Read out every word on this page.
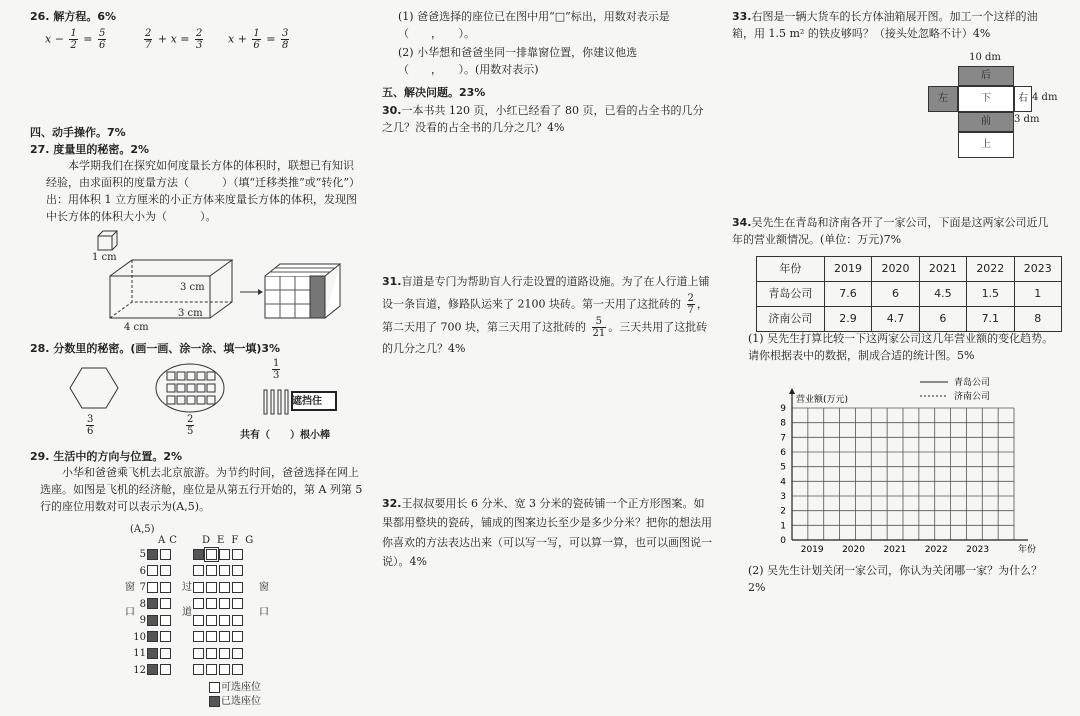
26. 解方程。6%
$x - \frac{1}{2} = \frac{5}{6}$	$\frac{2}{7} + x = \frac{2}{3}$ $x + \frac{1}{6} = \frac{3}{8}$
四、动手操作。7%
27. 度量里的秘密。2%
本学期我们在探究如何度量长方体的体积时，联想已有知识经验，由求面积的度量方法（　　　）（填“迁移类推”或“转化”）出：用体积 1 立方厘米的小正方体来度量长方体的体积，发现图中长方体的体积大小为（　　　）。
1 cm
3 cm
3 cm
4 cm
28. 分数里的秘密。(画一画、涂一涂、填一填)3%
遮挡住
$\frac{1}{3}$
$\frac{3}{6}$	$\frac{2}{5}$	共有（　　）根小棒
29. 生活中的方向与位置。2%
小华和爸爸乘飞机去北京旅游。为节约时间，爸爸选择在网上选座。如图是飞机的经济舱，座位是从第五行开始的，第 A 列第 5 行的座位用数对可以表示为(A,5)。
(A,5)
AC DEFG
5
6
7
8
9
10
11
12
窗口
过道
窗口
可选座位
已选座位
(1) 爸爸选择的座位已在图中用“□”标出，用数对表示是（　　，　　）。
(2) 小华想和爸爸坐同一排靠窗位置，你建议他选（　　，　　）。(用数对表示)
五、解决问题。23%
30.一本书共 120 页，小红已经看了 80 页，已看的占全书的几分之几？没看的占全书的几分之几？4%
31.盲道是专门为帮助盲人行走设置的道路设施。为了在人行道上铺设一条盲道，修路队运来了 2100 块砖。第一天用了这批砖的 $\frac{2}{7}$ ，第二天用了 700 块，第三天用了这批砖的 $\frac{5}{21}$ 。三天共用了这批砖的几分之几？4%
32.王叔叔要用长 6 分米、宽 3 分米的瓷砖铺一个正方形图案。如果都用整块的瓷砖，铺成的图案边长至少是多少分米？把你的想法用你喜欢的方法表达出来（可以写一写，可以算一算，也可以画图说一说）。4%
33.右图是一辆大货车的长方体油箱展开图。加工一个这样的油箱，用 1.5 m² 的铁皮够吗？（接头处忽略不计）4%
10 dm
后
左	下	右 4 dm
前	3 dm
上
34.吴先生在青岛和济南各开了一家公司，下面是这两家公司近几年的营业额情况。(单位：万元)7%
年份	2019	2020	2021	2022	2023
青岛公司	7.6	6	4.5	1.5	1
济南公司	2.9	4.7	6	7.1	8
(1) 吴先生打算比较一下这两家公司这几年营业额的变化趋势。请你根据表中的数据，制成合适的统计图。5%
0
1
2
3
4
5
6
7
8
9
2019 2020 2021 2022 2023	年份
营业额(万元)
青岛公司
济南公司
(2) 吴先生计划关闭一家公司，你认为关闭哪一家？为什么？2%
